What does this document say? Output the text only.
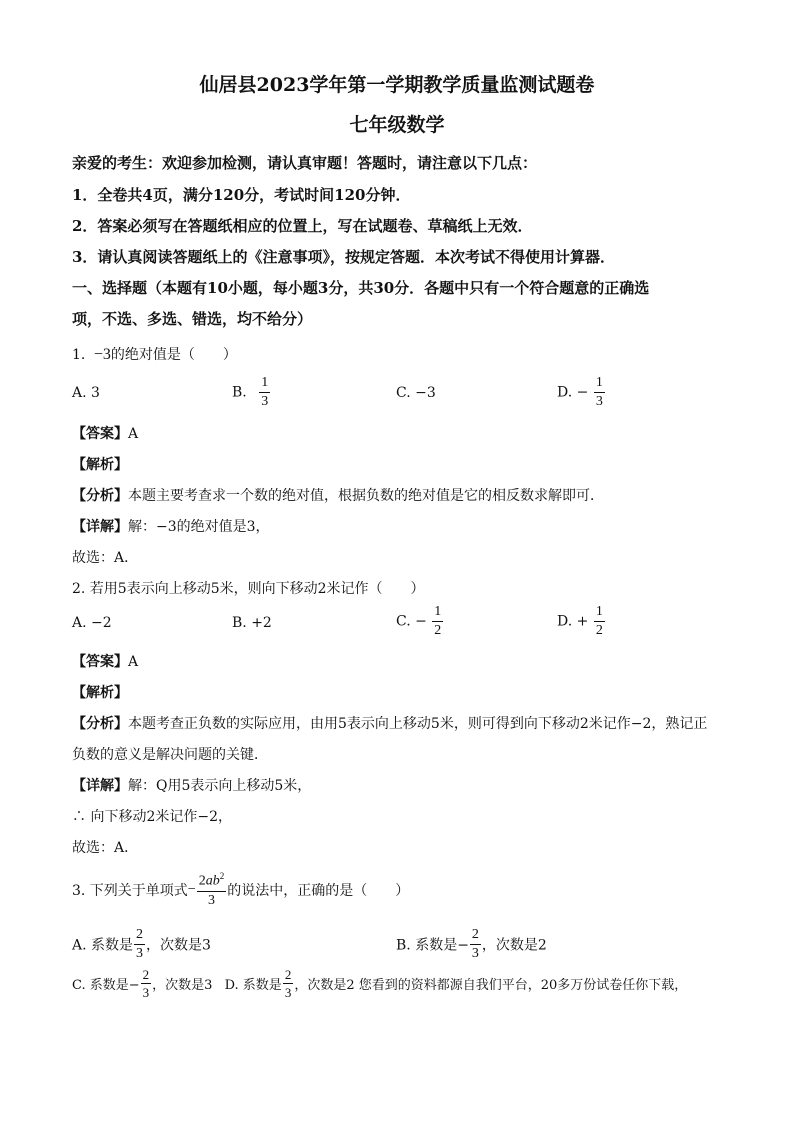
仙居县2023学年第一学期教学质量监测试题卷
七年级数学
亲爱的考生：欢迎参加检测，请认真审题！答题时，请注意以下几点：
1．全卷共4页，满分120分，考试时间120分钟．
2．答案必须写在答题纸相应的位置上，写在试题卷、草稿纸上无效．
3．请认真阅读答题纸上的《注意事项》，按规定答题．本次考试不得使用计算器．
一、选择题（本题有10小题，每小题3分，共30分．各题中只有一个符合题意的正确选
项，不选、多选、错选，均不给分）
1. −3的绝对值是（　　）
A. 3	B. $\frac{1}{3}$	C. −3	D. − $\frac{1}{3}$
【答案】A
【解析】
【分析】本题主要考查求一个数的绝对值，根据负数的绝对值是它的相反数求解即可．
【详解】解：−3的绝对值是3，
故选：A．
2. 若用5表示向上移动5米，则向下移动2米记作（　　）
A. −2	B. +2	C. − $\frac{1}{2}$	D. + $\frac{1}{2}$
【答案】A
【解析】
【分析】本题考查正负数的实际应用，由用5表示向上移动5米，则可得到向下移动2米记作−2，熟记正
负数的意义是解决问题的关键．
【详解】解：Q用5表示向上移动5米，
∴ 向下移动2米记作−2，
故选：A．
3. 下列关于单项式− $\frac{2ab^2}{3}$ 的说法中，正确的是（　　）
A. 系数是 $\frac{2}{3}$ ，次数是3	B. 系数是− $\frac{2}{3}$ ，次数是2
C. 系数是− $\frac{2}{3}$ ，次数是3 D. 系数是 $\frac{2}{3}$ ，次数是2 您看到的资料都源自我们平台，20多万份试卷任你下载，
